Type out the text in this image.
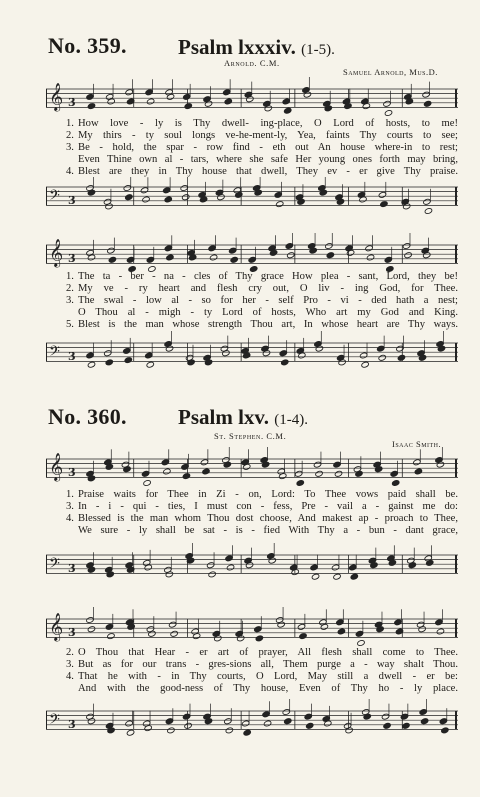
No. 359. Psalm lxxxiv. (1-5).
Arnold. C.M.
Samuel Arnold, Mus.D.
𝄞 3
1. How love - ly is Thy dwell- ing-place, O Lord of hosts, to me!
2. My thirs - ty soul longs ve-he-ment-ly, Yea, faints Thy courts to see;
3. Be - hold, the spar - row find - eth out An house where-in to rest;
Even Thine own al - tars, where she safe Her young ones forth may bring,
4. Blest are they in Thy house that dwell, They ev - er give Thy praise.
𝄢 3
𝄞 3
1. The ta - ber - na - cles of Thy grace How plea - sant, Lord, they be!
2. My ve - ry heart and flesh cry out, O liv - ing God, for Thee.
3. The swal - low al - so for her - self Pro - vi - ded hath a nest;
O Thou al - migh - ty Lord of hosts, Who art my God and King.
5. Blest is the man whose strength Thou art, In whose heart are Thy ways.
𝄢 3
No. 360. Psalm lxv. (1-4).
St. Stephen. C.M.
Isaac Smith.
𝄞 3
1. Praise waits for Thee in Zi - on, Lord: To Thee vows paid shall be.
3. In - i - qui - ties, I must con - fess, Pre - vail a - gainst me do:
4. Blessed is the man whom Thou dost choose, And makest ap - proach to Thee,
We sure - ly shall be sat - is - fied With Thy a - bun - dant grace,
𝄢 3
𝄞 3
2. O Thou that Hear - er art of prayer, All flesh shall come to Thee.
3. But as for our trans - gres-sions all, Them purge a - way shalt Thou.
4. That he with - in Thy courts, O Lord, May still a dwell - er be:
And with the good-ness of Thy house, Even of Thy ho - ly place.
𝄢 3
